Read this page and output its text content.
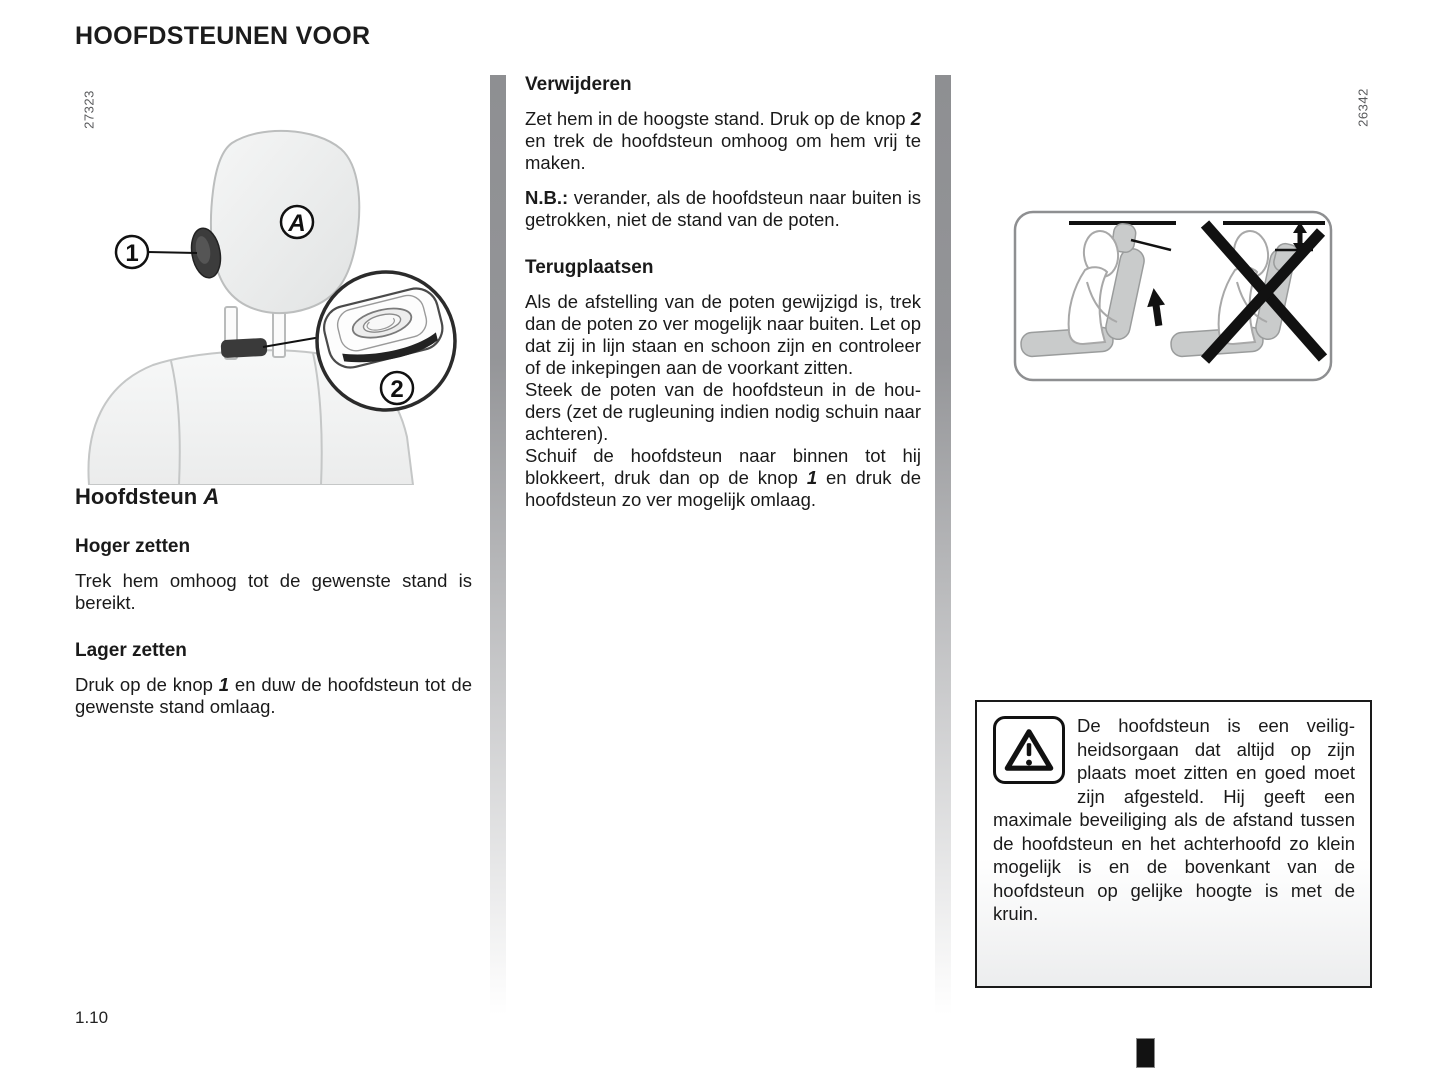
HOOFDSTEUNEN VOOR
27323	26342
1
A
2
Hoofdsteun A
Hoger zetten

Trek hem omhoog tot de gewenste stand is bereikt.

Lager zetten

Druk op de knop 1 en duw de hoofdsteun tot de gewenste stand omlaag.

Verwijderen

Zet hem in de hoogste stand. Druk op de knop 2 en trek de hoofdsteun omhoog om hem vrij te maken.

N.B.: verander, als de hoofdsteun naar buiten is getrokken, niet de stand van de poten.

Terugplaatsen

Als de afstelling van de poten gewijzigd is, trek dan de poten zo ver mogelijk naar buiten. Let op dat zij in lijn staan en schoon zijn en controleer of de inkepingen aan de voorkant zitten.

Steek de poten van de hoofdsteun in de houders (zet de rugleuning indien nodig schuin naar achteren).

Schuif de hoofdsteun naar binnen tot hij blokkeert, druk dan op de knop 1 en druk de hoofdsteun zo ver mogelijk omlaag.

De hoofdsteun is een veiligheidsorgaan dat altijd op zijn plaats moet zitten en goed moet zijn afgesteld. Hij geeft een maximale beveiliging als de afstand tussen de hoofdsteun en het achterhoofd zo klein mogelijk is en de bovenkant van de hoofdsteun op gelijke hoogte is met de kruin.

1.10
